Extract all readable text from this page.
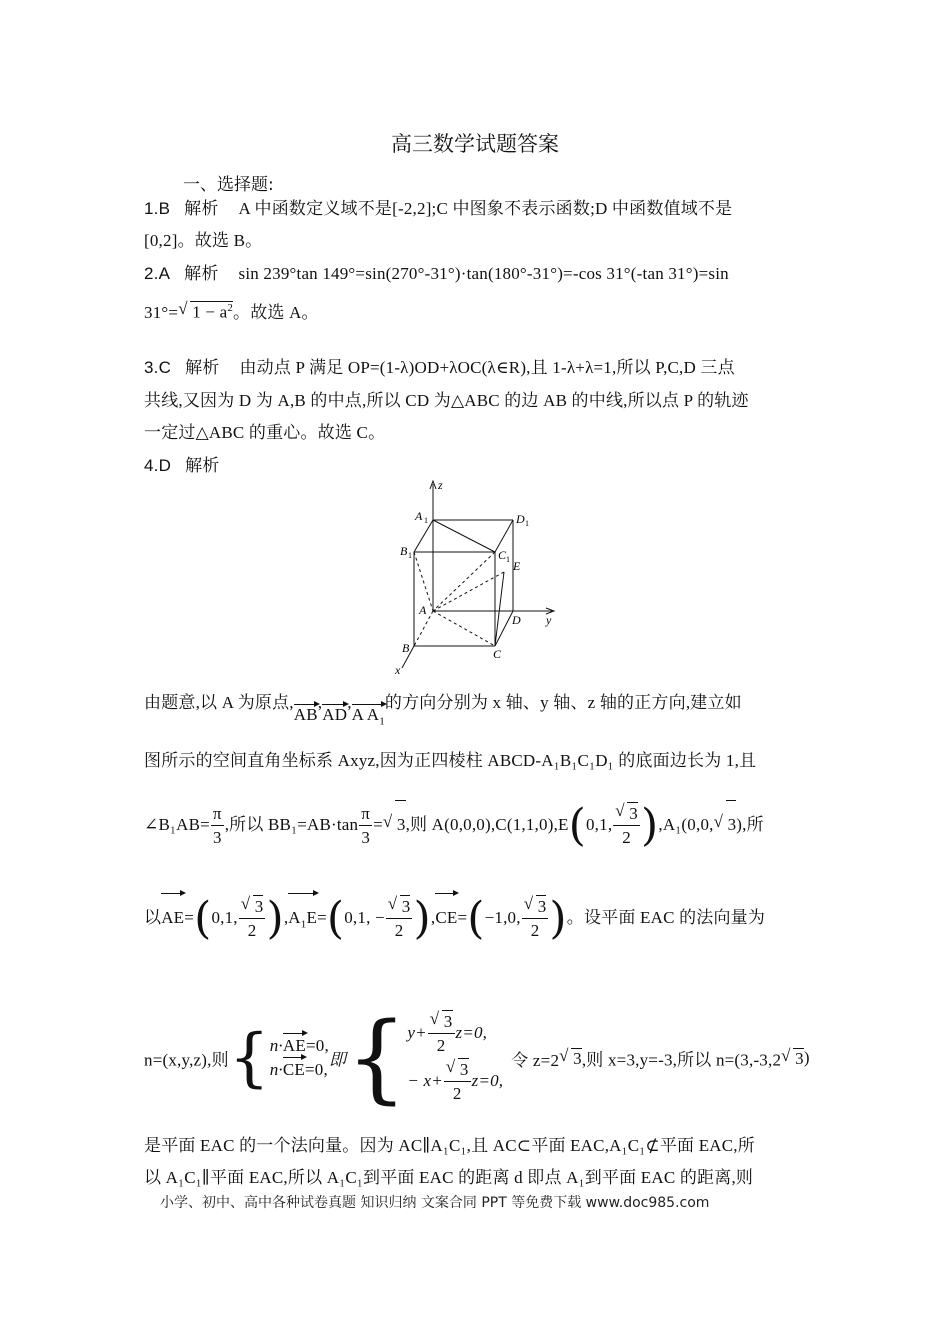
高三数学试题答案
一、选择题:
1.B 解析 A 中函数定义域不是[-2,2];C 中图象不表示函数;D 中函数值域不是
[0,2]。故选 B。
2.A 解析 sin 239°tan 149°=sin(270°-31°)·tan(180°-31°)=-cos 31°(-tan 31°)=sin
31°=√ $1 - a^2$。故选 A。
3.C 解析 由动点 P 满足 OP=(1-λ)OD+λOC(λ∈R),且 1-λ+λ=1,所以 P,C,D 三点
共线,又因为 D 为 A,B 的中点,所以 CD 为△ABC 的边 AB 的中线,所以点 P 的轨迹
一定过△ABC 的重心。故选 C。
4.D 解析
z
y
x
A 1	D 1
B 1	C 1 E
A
D
B	C
由题意,以 A 为原点,AB,AD,A $A_1$的方向分别为 x 轴、y 轴、z 轴的正方向,建立如
图所示的空间直角坐标系 Axyz,因为正四棱柱 ABCD-A₁B₁C₁D₁ 的底面边长为 1,且
∠B₁AB= $\frac{\pi}{3}$ ,所以 $BB_1=AB\cdot\tan \frac{\pi}{3}$ =√ 3,则 A(0,0,0),C(1,1,0),E(0,1,
√ $\frac{3}{2} ),A_1(0,0,√$ 3),所
以AE=(0,1,
√ $\frac{3}{2} ),A_1E=(0,1$, −
√ $\frac{3}{2} ),CE=(-1,0$,
√ $\frac{3}{2}$ )。设平面 EAC 的法向量为
n=(x,y,z),则{ n·AE=0,
n·CE=0, 即{ y+
√ $\frac{3}{2} z=0$,
− x+
√ $\frac{3}{2} z=0$,
令 z=2√ 3,则 x=3,y=-3,所以 n=(3,-3,2√ 3)
是平面 EAC 的一个法向量。因为 AC∥A₁C₁,且 AC⊂平面 EAC,A₁C₁⊄平面 EAC,所
以 A₁C₁∥平面 EAC,所以 A₁C₁到平面 EAC 的距离 d 即点 A₁到平面 EAC 的距离,则
小学、初中、高中各种试卷真题 知识归纳 文案合同 PPT 等免费下载 www.doc985.com
